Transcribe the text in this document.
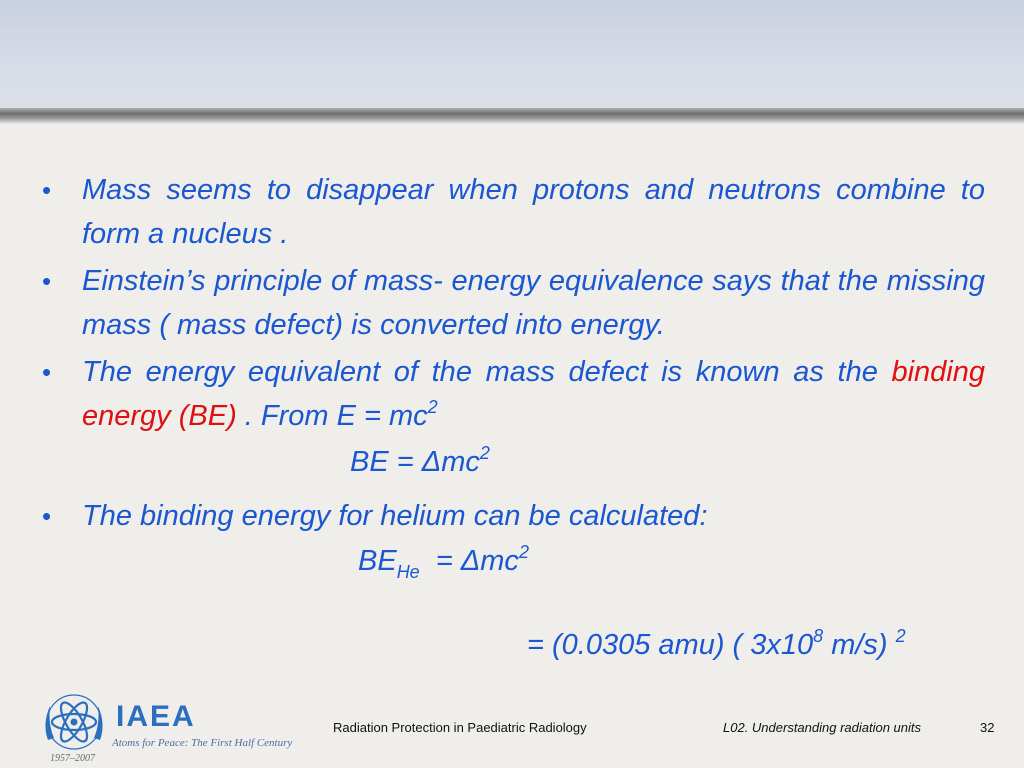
• Mass seems to disappear when protons and neutrons combine to form a nucleus .
• Einstein’s principle of mass- energy equivalence says that the missing mass ( mass defect) is converted into energy.
• The energy equivalent of the mass defect is known as the binding energy (BE) . From $E = mc^2$
BE = Δmc$^2$
• The binding energy for helium can be calculated:
$BE_{He} = \Delta mc^2$
= (0.0305 amu) ( $3x10^8$ m/s) $^2$
IAEA
Atoms for Peace: The First Half Century
1957–2007
Radiation Protection in Paediatric Radiology	L02. Understanding radiation units	32
